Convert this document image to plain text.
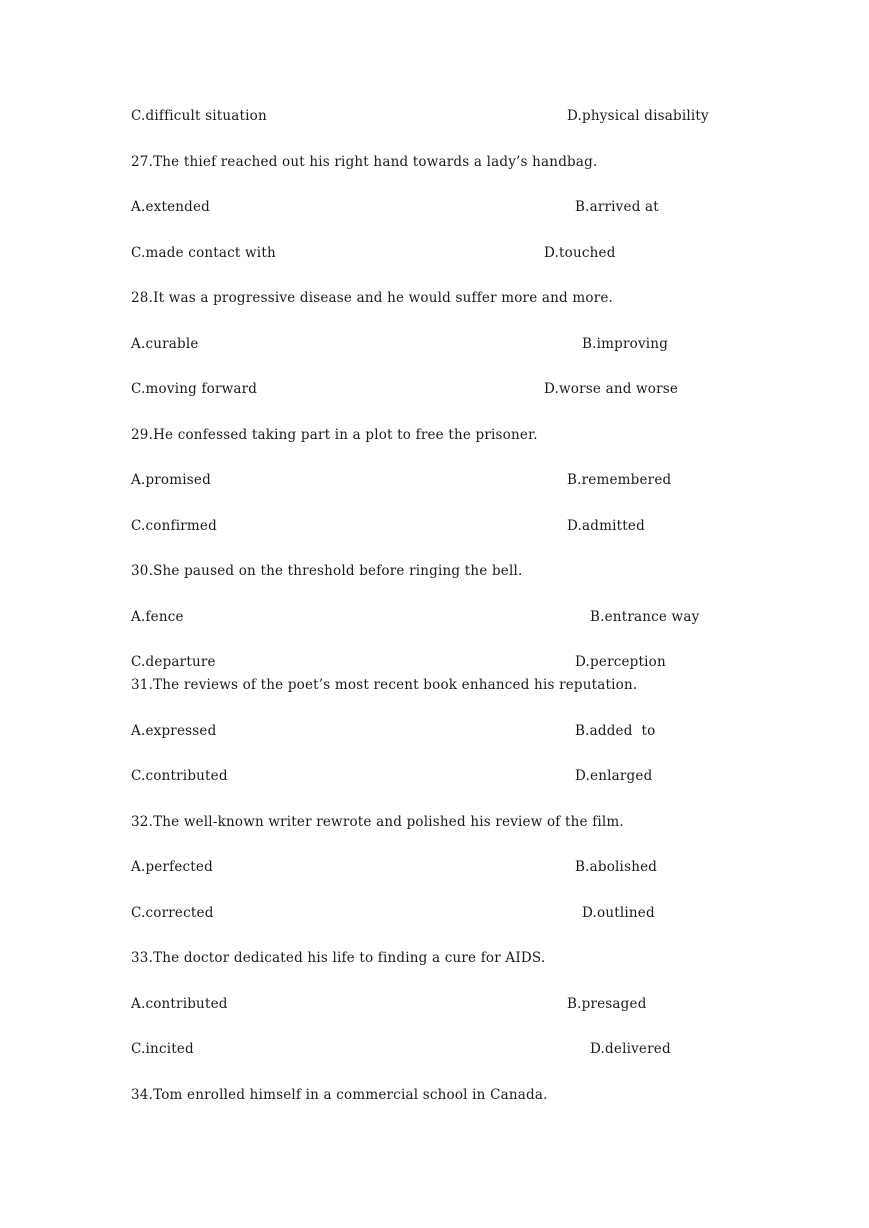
C.difficult situation	D.physical disability
27.The thief reached out his right hand towards a lady’s handbag.
A.extended	B.arrived at
C.made contact with	D.touched
28.It was a progressive disease and he would suffer more and more.
A.curable	B.improving
C.moving forward	D.worse and worse
29.He confessed taking part in a plot to free the prisoner.
A.promised	B.remembered
C.confirmed	D.admitted
30.She paused on the threshold before ringing the bell.
A.fence	B.entrance way
C.departure	D.perception
31.The reviews of the poet’s most recent book enhanced his reputation.
A.expressed	B.added  to
C.contributed	D.enlarged
32.The well-known writer rewrote and polished his review of the film.
A.perfected	B.abolished
C.corrected	D.outlined
33.The doctor dedicated his life to finding a cure for AIDS.
A.contributed	B.presaged
C.incited	D.delivered
34.Tom enrolled himself in a commercial school in Canada.
